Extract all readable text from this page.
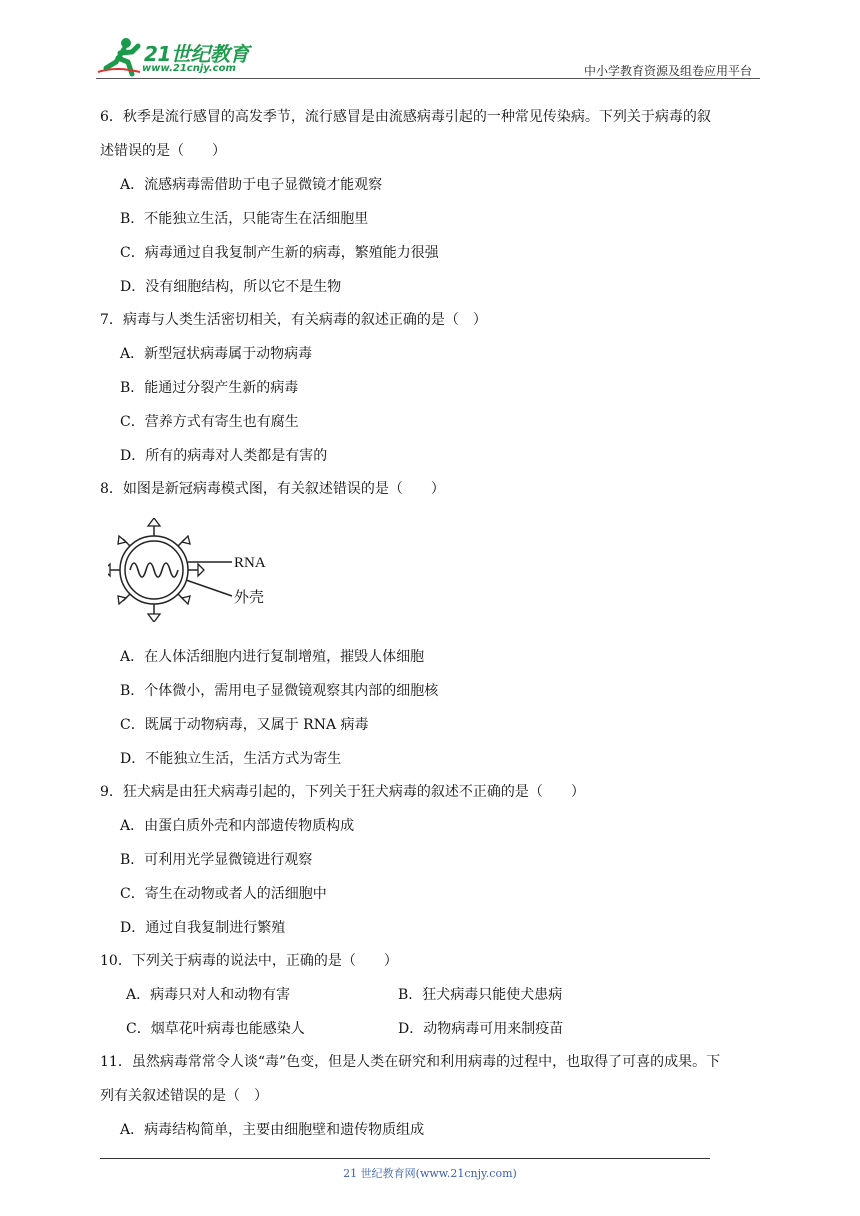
21世纪教育
www.21cnjy.com	中小学教育资源及组卷应用平台
6．秋季是流行感冒的高发季节，流行感冒是由流感病毒引起的一种常见传染病。下列关于病毒的叙
述错误的是（　　）
A．流感病毒需借助于电子显微镜才能观察
B．不能独立生活，只能寄生在活细胞里
C．病毒通过自我复制产生新的病毒，繁殖能力很强
D．没有细胞结构，所以它不是生物
7．病毒与人类生活密切相关，有关病毒的叙述正确的是（　）
A．新型冠状病毒属于动物病毒
B．能通过分裂产生新的病毒
C．营养方式有寄生也有腐生
D．所有的病毒对人类都是有害的
8．如图是新冠病毒模式图，有关叙述错误的是（　　）
RNA
外壳
A．在人体活细胞内进行复制增殖，摧毁人体细胞
B．个体微小，需用电子显微镜观察其内部的细胞核
C．既属于动物病毒，又属于 RNA 病毒
D．不能独立生活，生活方式为寄生
9．狂犬病是由狂犬病毒引起的，下列关于狂犬病毒的叙述不正确的是（　　）
A．由蛋白质外壳和内部遗传物质构成
B．可利用光学显微镜进行观察
C．寄生在动物或者人的活细胞中
D．通过自我复制进行繁殖
10．下列关于病毒的说法中，正确的是（　　）
A．病毒只对人和动物有害	B．狂犬病毒只能使犬患病
C．烟草花叶病毒也能感染人	D．动物病毒可用来制疫苗
11．虽然病毒常常令人谈“毒”色变，但是人类在研究和利用病毒的过程中，也取得了可喜的成果。下
列有关叙述错误的是（　）
A．病毒结构简单，主要由细胞壁和遗传物质组成
21 世纪教育网(www.21cnjy.com)
